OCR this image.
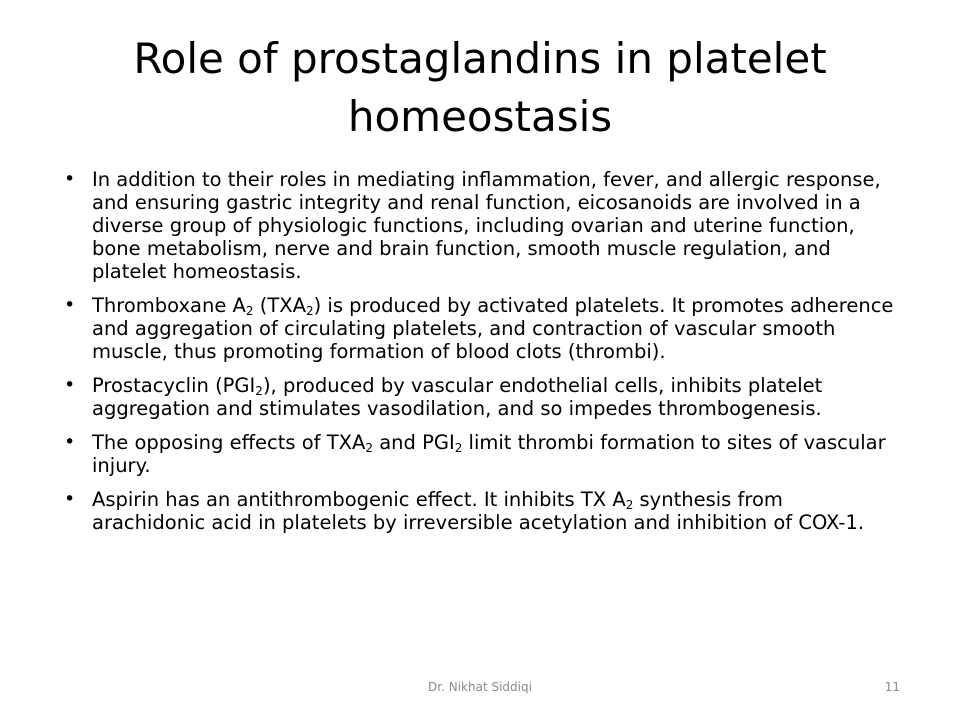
Role of prostaglandins in platelet
homeostasis
• In addition to their roles in mediating inflammation, fever, and allergic response, and ensuring gastric integrity and renal function, eicosanoids are involved in a diverse group of physiologic functions, including ovarian and uterine function, bone metabolism, nerve and brain function, smooth muscle regulation, and platelet homeostasis.
• Thromboxane $A_2$ $(TXA_2)$ is produced by activated platelets. It promotes adherence and aggregation of circulating platelets, and contraction of vascular smooth muscle, thus promoting formation of blood clots (thrombi).
• Prostacyclin $(PGI_2)$, produced by vascular endothelial cells, inhibits platelet aggregation and stimulates vasodilation, and so impedes thrombogenesis.
• The opposing effects of $TXA_2$ and $PGI_2$ limit thrombi formation to sites of vascular injury.
• Aspirin has an antithrombogenic effect. It inhibits TX $A_2$ synthesis from arachidonic acid in platelets by irreversible acetylation and inhibition of COX-1.
Dr. Nikhat Siddiqi	11
